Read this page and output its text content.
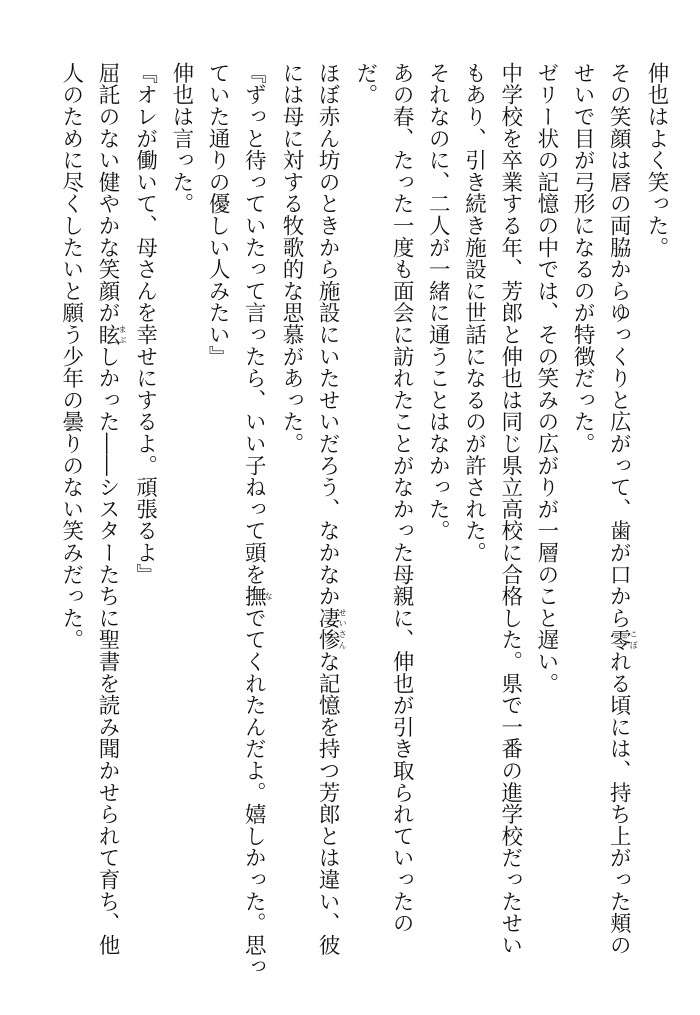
伸也はよく笑った。
その笑顔は唇の両脇からゆっくりと広がって、歯が口から零こぼれる頃には、持ち上がった頬の
せいで目が弓形になるのが特徴だった。
ゼリー状の記憶の中では、その笑みの広がりが一層のこと遅い。
中学校を卒業する年、芳郎と伸也は同じ県立高校に合格した。県で一番の進学校だったせい
もあり、引き続き施設に世話になるのが許された。
それなのに、二人が一緒に通うことはなかった。
あの春、たった一度も面会に訪れたことがなかった母親に、伸也が引き取られていったの
だ。
ほぼ赤ん坊のときから施設にいたせいだろう、なかなか凄惨せいさんな記憶を持つ芳郎とは違い、彼
には母に対する牧歌的な思慕があった。
『ずっと待っていたって言ったら、いい子ねって頭を撫なでてくれたんだよ。嬉しかった。思っ
ていた通りの優しい人みたい』
伸也は言った。
『オレが働いて、母さんを幸せにするよ。頑張るよ』
屈託のない健やかな笑顔が眩まぶしかった――シスターたちに聖書を読み聞かせられて育ち、他
人のために尽くしたいと願う少年の曇りのない笑みだった。
